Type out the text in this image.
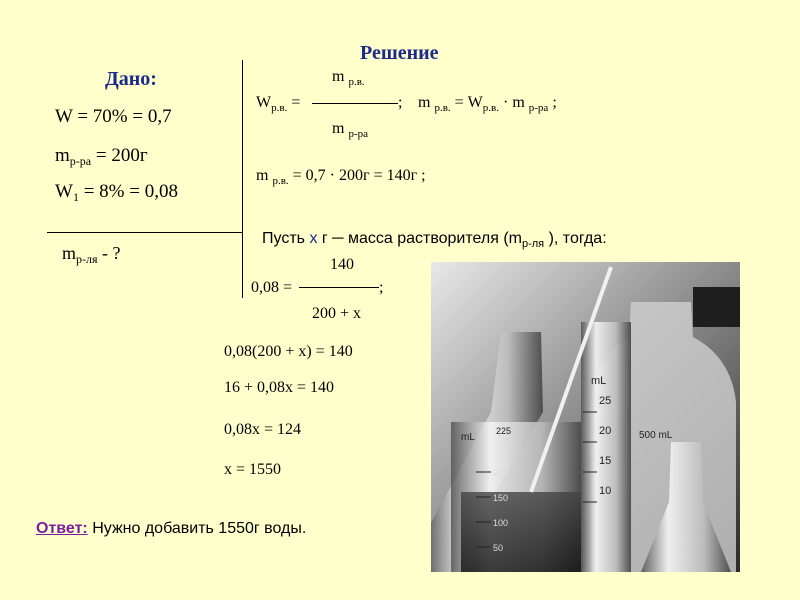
Решение
Дано:
W = 70% = 0,7
$m_{р-ра} = 200г$
$W_1 = 8\% = 0,08$
$m_{р-ля}$ - ?
$W_{р.в.}$ =
m $_{р.в.}$
m $_{р-ра}$
; m $_{р.в.} = W_{р.в.} \cdot m$ $_{р-ра}$ ;
m $_{р.в.}$ = 0,7 · 200г = 140г ;
Пусть х г ─ масса растворителя ($m_{р-ля}$ ), тогда:
0,08 =
140
200 + х
;
0,08(200 + х) = 140
16 + 0,08х = 140
0,08х = 124
х = 1550
Ответ: Нужно добавить 1550г воды.
mL
25
20
15
10
mL
225
200
150
100
50
500 mL
